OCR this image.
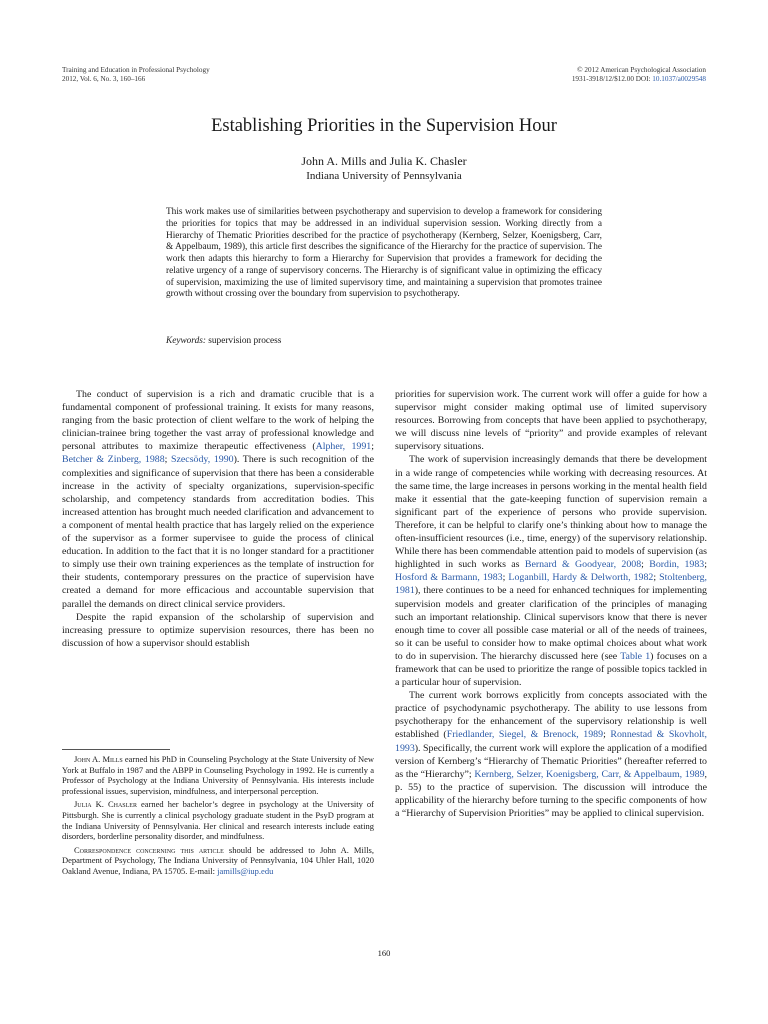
Training and Education in Professional Psychology
2012, Vol. 6, No. 3, 160–166
© 2012 American Psychological Association
1931-3918/12/$12.00 DOI: 10.1037/a0029548
Establishing Priorities in the Supervision Hour
John A. Mills and Julia K. Chasler
Indiana University of Pennsylvania

This work makes use of similarities between psychotherapy and supervision to develop a framework for considering the priorities for topics that may be addressed in an individual supervision session. Working directly from a Hierarchy of Thematic Priorities described for the practice of psychotherapy (Kernberg, Selzer, Koenigsberg, Carr, & Appelbaum, 1989), this article first describes the significance of the Hierarchy for the practice of supervision. The work then adapts this hierarchy to form a Hierarchy for Supervision that provides a framework for deciding the relative urgency of a range of supervisory concerns. The Hierarchy is of significant value in optimizing the efficacy of supervision, maximizing the use of limited supervisory time, and maintaining a supervision that promotes trainee growth without crossing over the boundary from supervision to psychotherapy.

Keywords: supervision process

The conduct of supervision is a rich and dramatic crucible that is a fundamental component of professional training. It exists for many reasons, ranging from the basic protection of client welfare to the work of helping the clinician-trainee bring together the vast array of professional knowledge and personal attributes to maximize therapeutic effectiveness (Alpher, 1991; Betcher & Zinberg, 1988; Szecsödy, 1990). There is such recognition of the complexities and significance of supervision that there has been a considerable increase in the activity of specialty organizations, supervision-specific scholarship, and competency standards from accreditation bodies. This increased attention has brought much needed clarification and advancement to a component of mental health practice that has largely relied on the experience of the supervisor as a former supervisee to guide the process of clinical education. In addition to the fact that it is no longer standard for a practitioner to simply use their own training experiences as the template of instruction for their students, contemporary pressures on the practice of supervision have created a demand for more efficacious and accountable supervision that parallel the demands on direct clinical service providers.

Despite the rapid expansion of the scholarship of supervision and increasing pressure to optimize supervision resources, there has been no discussion of how a supervisor should establish

priorities for supervision work. The current work will offer a guide for how a supervisor might consider making optimal use of limited supervisory resources. Borrowing from concepts that have been applied to psychotherapy, we will discuss nine levels of “priority” and provide examples of relevant supervisory situations.

The work of supervision increasingly demands that there be development in a wide range of competencies while working with decreasing resources. At the same time, the large increases in persons working in the mental health field make it essential that the gate-keeping function of supervision remain a significant part of the experience of persons who provide supervision. Therefore, it can be helpful to clarify one’s thinking about how to manage the often-insufficient resources (i.e., time, energy) of the supervisory relationship. While there has been commendable attention paid to models of supervision (as highlighted in such works as Bernard & Goodyear, 2008; Bordin, 1983; Hosford & Barmann, 1983; Loganbill, Hardy & Delworth, 1982; Stoltenberg, 1981), there continues to be a need for enhanced techniques for implementing supervision models and greater clarification of the principles of managing such an important relationship. Clinical supervisors know that there is never enough time to cover all possible case material or all of the needs of trainees, so it can be useful to consider how to make optimal choices about what work to do in supervision. The hierarchy discussed here (see Table 1) focuses on a framework that can be used to prioritize the range of possible topics tackled in a particular hour of supervision.

The current work borrows explicitly from concepts associated with the practice of psychodynamic psychotherapy. The ability to use lessons from psychotherapy for the enhancement of the supervisory relationship is well established (Friedlander, Siegel, & Brenock, 1989; Ronnestad & Skovholt, 1993). Specifically, the current work will explore the application of a modified version of Kernberg’s “Hierarchy of Thematic Priorities” (hereafter referred to as the “Hierarchy”; Kernberg, Selzer, Koenigsberg, Carr, & Appelbaum, 1989, p. 55) to the practice of supervision. The discussion will introduce the applicability of the hierarchy before turning to the specific components of how a “Hierarchy of Supervision Priorities” may be applied to clinical supervision.

John A. Mills earned his PhD in Counseling Psychology at the State University of New York at Buffalo in 1987 and the ABPP in Counseling Psychology in 1992. He is currently a Professor of Psychology at the Indiana University of Pennsylvania. His interests include professional issues, supervision, mindfulness, and interpersonal perception.

Julia K. Chasler earned her bachelor’s degree in psychology at the University of Pittsburgh. She is currently a clinical psychology graduate student in the PsyD program at the Indiana University of Pennsylvania. Her clinical and research interests include eating disorders, borderline personality disorder, and mindfulness.

Correspondence concerning this article should be addressed to John A. Mills, Department of Psychology, The Indiana University of Pennsylvania, 104 Uhler Hall, 1020 Oakland Avenue, Indiana, PA 15705. E-mail: jamills@iup.edu

160
